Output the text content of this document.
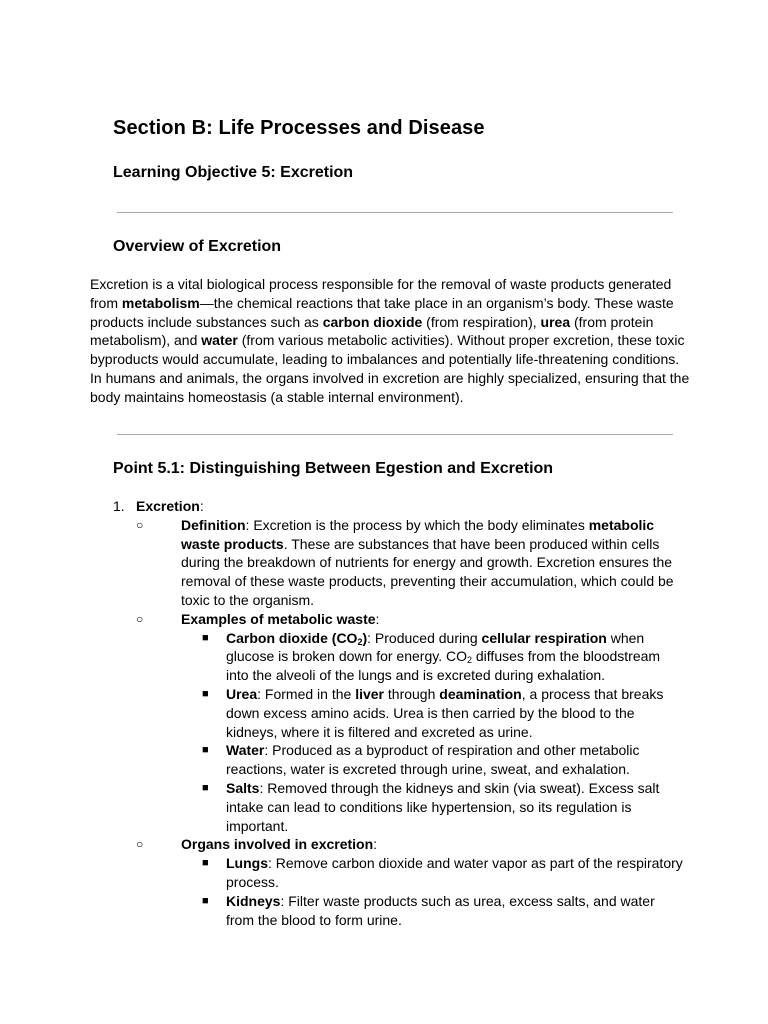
Section B: Life Processes and Disease
Learning Objective 5: Excretion
Overview of Excretion

Excretion is a vital biological process responsible for the removal of waste products generated from metabolism—the chemical reactions that take place in an organism’s body. These waste products include substances such as carbon dioxide (from respiration), urea (from protein metabolism), and water (from various metabolic activities). Without proper excretion, these toxic byproducts would accumulate, leading to imbalances and potentially life-threatening conditions. In humans and animals, the organs involved in excretion are highly specialized, ensuring that the body maintains homeostasis (a stable internal environment).

Point 5.1: Distinguishing Between Egestion and Excretion
1. Excretion:
○	Definition: Excretion is the process by which the body eliminates metabolic waste products. These are substances that have been produced within cells during the breakdown of nutrients for energy and growth. Excretion ensures the removal of these waste products, preventing their accumulation, which could be toxic to the organism.
○	Examples of metabolic waste:
■ Carbon dioxide $(CO_2)$: Produced during cellular respiration when glucose is broken down for energy. $CO_2$ diffuses from the bloodstream into the alveoli of the lungs and is excreted during exhalation.
■ Urea: Formed in the liver through deamination, a process that breaks down excess amino acids. Urea is then carried by the blood to the kidneys, where it is filtered and excreted as urine.
■ Water: Produced as a byproduct of respiration and other metabolic reactions, water is excreted through urine, sweat, and exhalation.
■ Salts: Removed through the kidneys and skin (via sweat). Excess salt intake can lead to conditions like hypertension, so its regulation is important.
○	Organs involved in excretion:
■ Lungs: Remove carbon dioxide and water vapor as part of the respiratory process.
■ Kidneys: Filter waste products such as urea, excess salts, and water from the blood to form urine.
